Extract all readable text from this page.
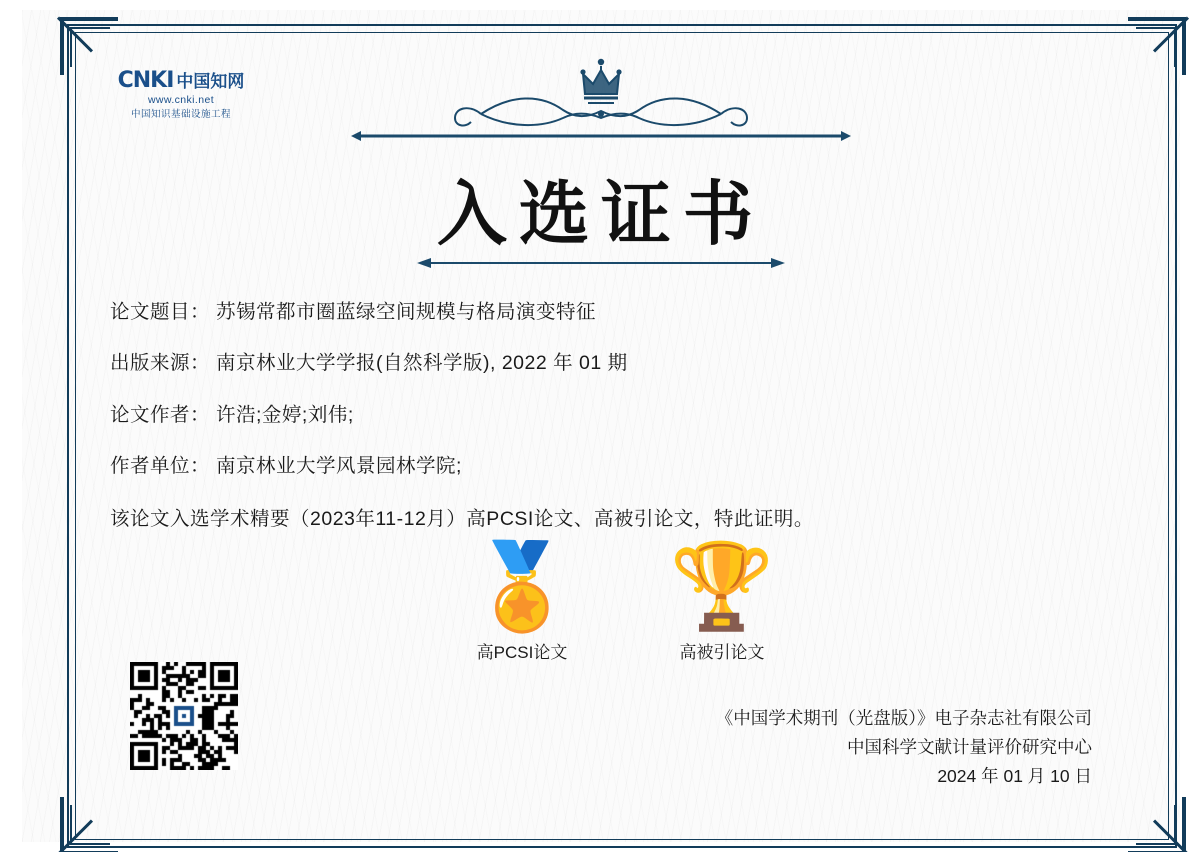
CNKI 中国知网
www.cnki.net
中国知识基础设施工程
入选证书
论文题目： 苏锡常都市圈蓝绿空间规模与格局演变特征
出版来源： 南京林业大学学报(自然科学版), 2022 年 01 期
论文作者： 许浩;金婷;刘伟;
作者单位： 南京林业大学风景园林学院;
该论文入选学术精要（2023年11-12月）高PCSI论文、高被引论文，特此证明。
🏅
高PCSI论文
🏆
高被引论文
《中国学术期刊（光盘版）》电子杂志社有限公司
中国科学文献计量评价研究中心
2024 年 01 月 10 日
